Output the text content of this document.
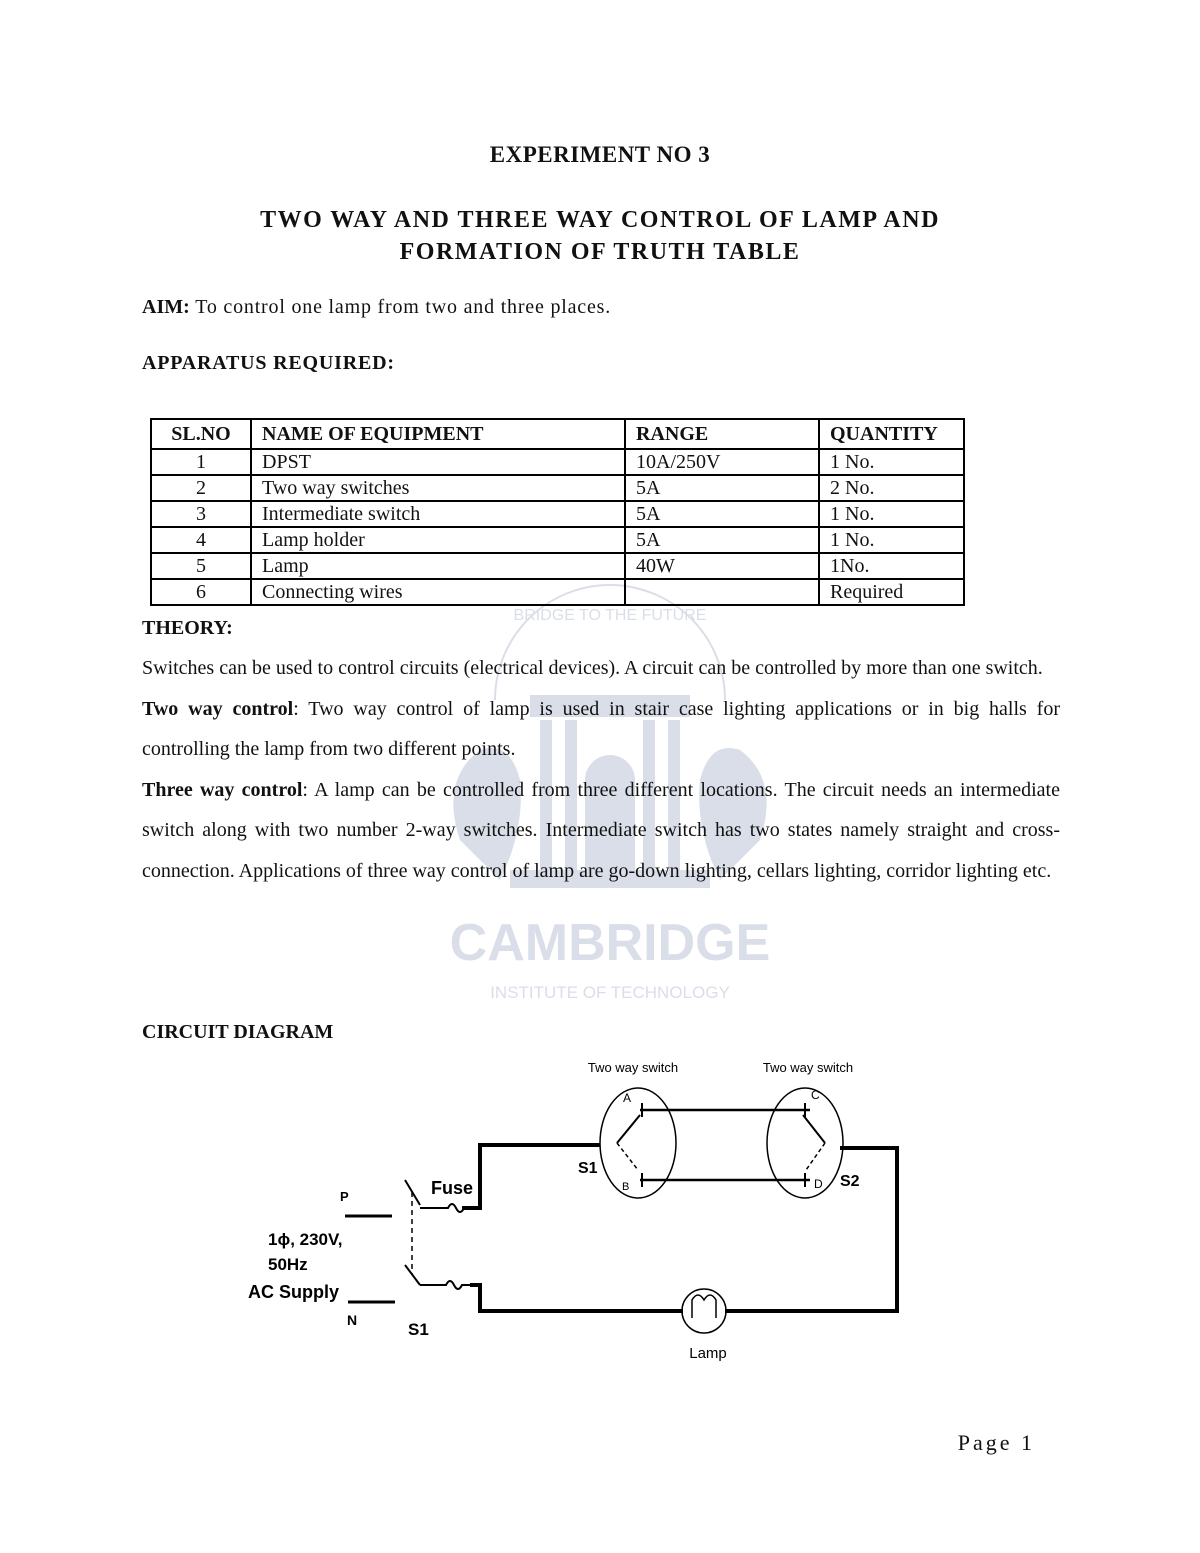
CAMBRIDGE
INSTITUTE OF TECHNOLOGY
BRIDGE TO THE FUTURE
EXPERIMENT NO 3
TWO WAY AND THREE WAY CONTROL OF LAMP AND
FORMATION OF TRUTH TABLE
AIM: To control one lamp from two and three places.
APPARATUS REQUIRED:
SL.NO	NAME OF EQUIPMENT	RANGE	QUANTITY
1	DPST	10A/250V	1 No.
2	Two way switches	5A	2 No.
3	Intermediate switch	5A	1 No.
4	Lamp holder	5A	1 No.
5	Lamp	40W	1No.
6	Connecting wires		Required
THEORY:

Switches can be used to control circuits (electrical devices). A circuit can be controlled by more than one switch.

Two way control: Two way control of lamp is used in stair case lighting applications or in big halls for controlling the lamp from two different points.

Three way control: A lamp can be controlled from three different locations. The circuit needs an intermediate switch along with two number 2-way switches. Intermediate switch has two states namely straight and cross-connection. Applications of three way control of lamp are go-down lighting, cellars lighting, corridor lighting etc.

CIRCUIT DIAGRAM
Two way switch	Two way switch
A
B
C
D
S1
S2
Fuse
P
N
1ϕ, 230V,
50Hz
AC Supply
S1
Lamp
Page 1
